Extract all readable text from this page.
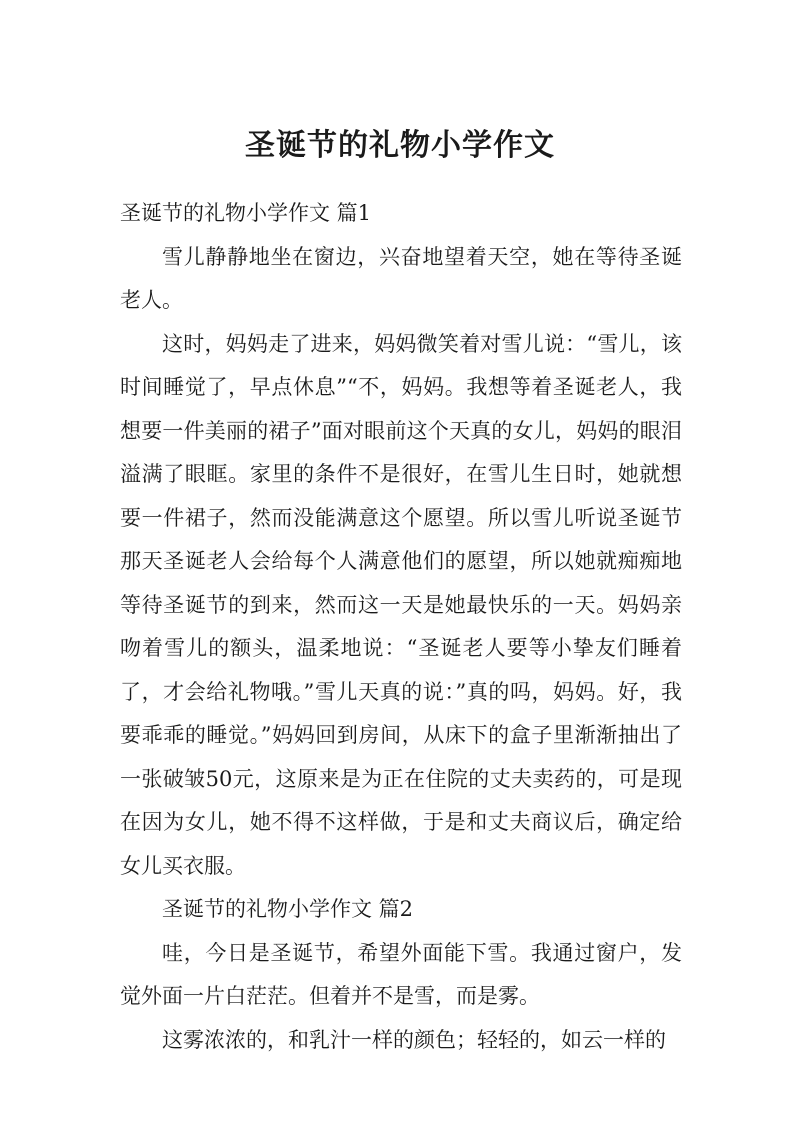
圣诞节的礼物小学作文

圣诞节的礼物小学作文 篇1

雪儿静静地坐在窗边，兴奋地望着天空，她在等待圣诞老人。

这时，妈妈走了进来，妈妈微笑着对雪儿说：“雪儿，该时间睡觉了，早点休息”“不，妈妈。我想等着圣诞老人，我想要一件美丽的裙子”面对眼前这个天真的女儿，妈妈的眼泪溢满了眼眶。家里的条件不是很好，在雪儿生日时，她就想要一件裙子，然而没能满意这个愿望。所以雪儿听说圣诞节那天圣诞老人会给每个人满意他们的愿望，所以她就痴痴地等待圣诞节的到来，然而这一天是她最快乐的一天。妈妈亲吻着雪儿的额头，温柔地说：“圣诞老人要等小挚友们睡着了，才会给礼物哦。”雪儿天真的说：”真的吗，妈妈。好，我要乖乖的睡觉。”妈妈回到房间，从床下的盒子里渐渐抽出了一张破皱50元，这原来是为正在住院的丈夫卖药的，可是现在因为女儿，她不得不这样做，于是和丈夫商议后，确定给女儿买衣服。

圣诞节的礼物小学作文 篇2

哇，今日是圣诞节，希望外面能下雪。我通过窗户，发觉外面一片白茫茫。但着并不是雪，而是雾。

这雾浓浓的，和乳汁一样的颜色；轻轻的，如云一样的
